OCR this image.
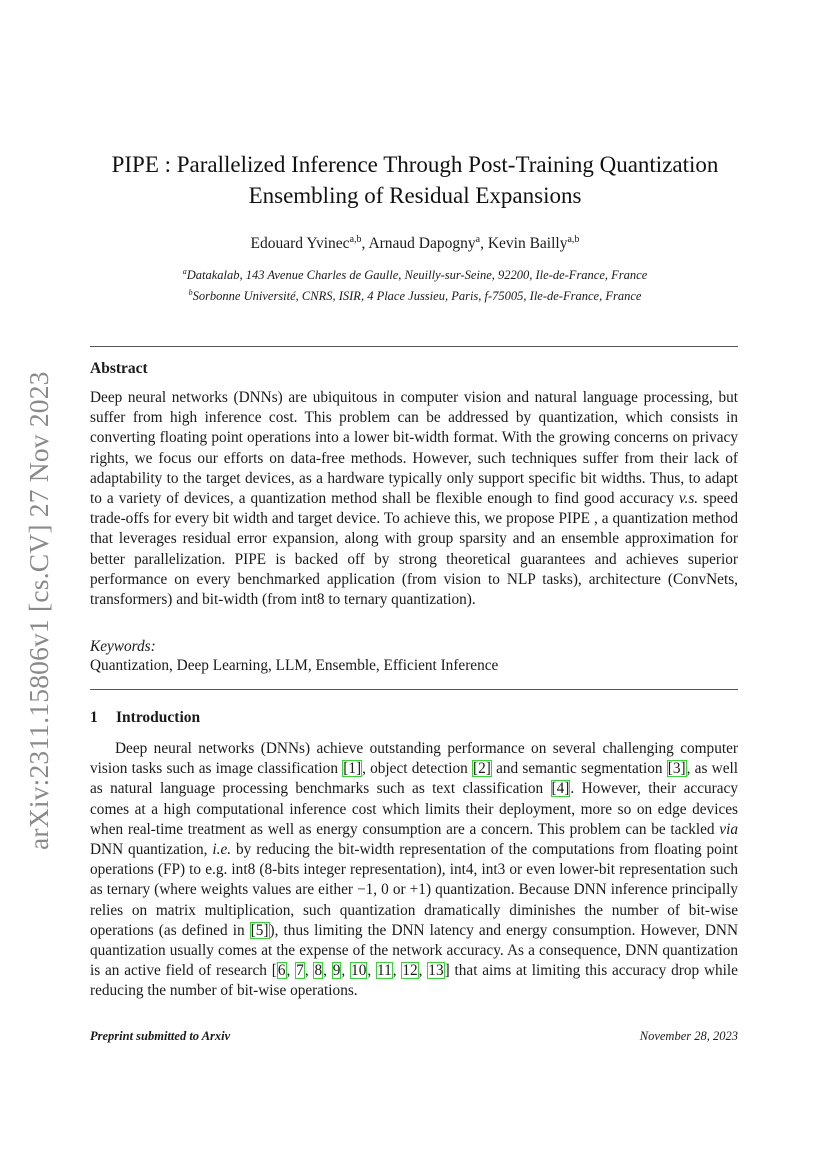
arXiv:2311.15806v1 [cs.CV] 27 Nov 2023
PIPE : Parallelized Inference Through Post-Training Quantization
Ensembling of Residual Expansions
Edouard Yvinec$^{a,b}$, Arnaud Dapogny$^a$, Kevin Bailly$^{a,b}$
$^a$Datakalab, 143 Avenue Charles de Gaulle, Neuilly-sur-Seine, 92200, Ile-de-France, France
$^b$Sorbonne Université, CNRS, ISIR, 4 Place Jussieu, Paris, f-75005, Ile-de-France, France
Abstract
Deep neural networks (DNNs) are ubiquitous in computer vision and natural language processing, but suffer from high inference cost. This problem can be addressed by quantization, which consists in converting floating point operations into a lower bit-width format. With the growing concerns on privacy rights, we focus our efforts on data-free methods. However, such techniques suffer from their lack of adaptability to the target devices, as a hardware typically only support specific bit widths. Thus, to adapt to a variety of devices, a quantization method shall be flexible enough to find good accuracy v.s. speed trade-offs for every bit width and target device. To achieve this, we propose PIPE , a quantization method that leverages residual error expansion, along with group sparsity and an ensemble approximation for better parallelization. PIPE is backed off by strong theoretical guarantees and achieves superior performance on every benchmarked application (from vision to NLP tasks), architecture (ConvNets, transformers) and bit-width (from int8 to ternary quantization).
Keywords:
Quantization, Deep Learning, LLM, Ensemble, Efficient Inference
1 Introduction
Deep neural networks (DNNs) achieve outstanding performance on several challenging computer vision tasks such as image classification [1], object detection [2] and semantic segmentation [3], as well as natural language processing benchmarks such as text classification [4]. However, their accuracy comes at a high computational inference cost which limits their deployment, more so on edge devices when real-time treatment as well as energy consumption are a concern. This problem can be tackled via DNN quantization, i.e. by reducing the bit-width representation of the computations from floating point operations (FP) to e.g. int8 (8-bits integer representation), int4, int3 or even lower-bit representation such as ternary (where weights values are either −1, 0 or +1) quantization. Because DNN inference principally relies on matrix multiplication, such quantization dramatically diminishes the number of bit-wise operations (as defined in [5]), thus limiting the DNN latency and energy consumption. However, DNN quantization usually comes at the expense of the network accuracy. As a consequence, DNN quantization is an active field of research [6, 7, 8, 9, 10, 11, 12, 13] that aims at limiting this accuracy drop while reducing the number of bit-wise operations.
Preprint submitted to Arxiv	November 28, 2023
